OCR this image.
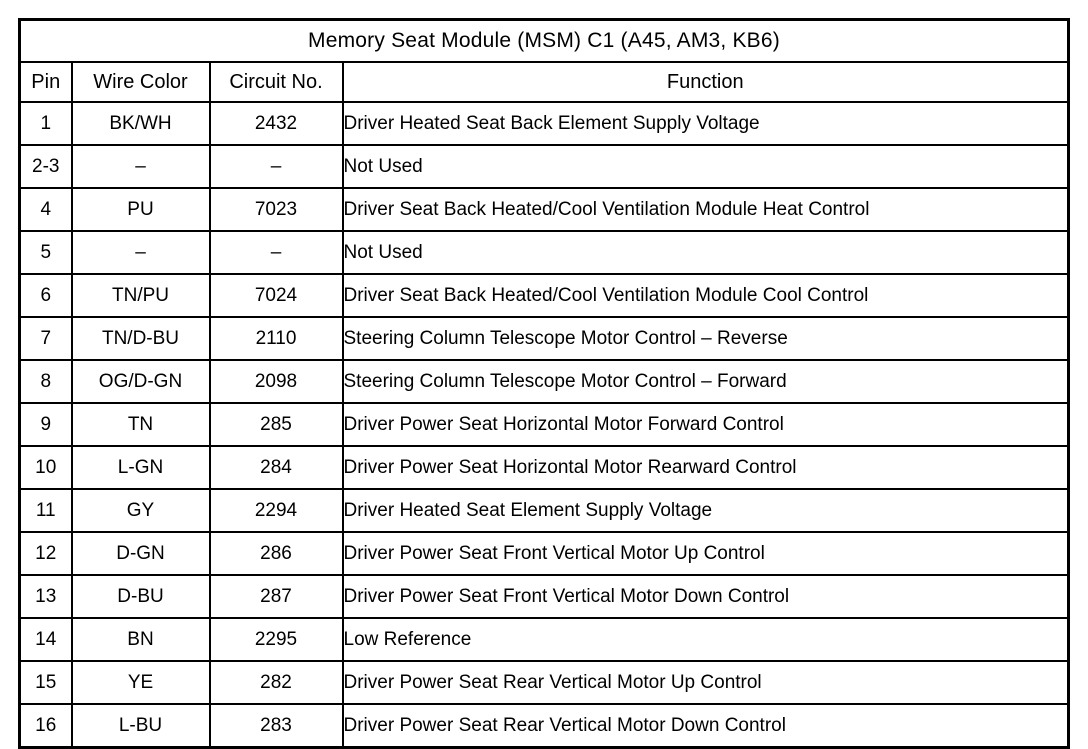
Memory Seat Module (MSM) C1 (A45, AM3, KB6)			
Pin	Wire Color	Circuit No.	Function
1	BK/WH	2432	Driver Heated Seat Back Element Supply Voltage
2-3	–	–	Not Used
4	PU	7023	Driver Seat Back Heated/Cool Ventilation Module Heat Control
5	–	–	Not Used
6	TN/PU	7024	Driver Seat Back Heated/Cool Ventilation Module Cool Control
7	TN/D-BU	2110	Steering Column Telescope Motor Control – Reverse
8	OG/D-GN	2098	Steering Column Telescope Motor Control – Forward
9	TN	285	Driver Power Seat Horizontal Motor Forward Control
10	L-GN	284	Driver Power Seat Horizontal Motor Rearward Control
11	GY	2294	Driver Heated Seat Element Supply Voltage
12	D-GN	286	Driver Power Seat Front Vertical Motor Up Control
13	D-BU	287	Driver Power Seat Front Vertical Motor Down Control
14	BN	2295	Low Reference
15	YE	282	Driver Power Seat Rear Vertical Motor Up Control
16	L-BU	283	Driver Power Seat Rear Vertical Motor Down Control
